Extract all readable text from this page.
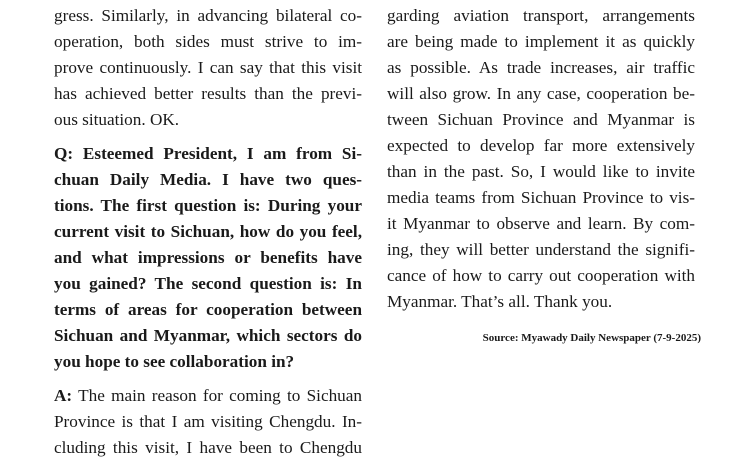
gress. Similarly, in advancing bilateral co-
operation, both sides must strive to im-
prove continuously. I can say that this visit
has achieved better results than the previ-
ous situation. OK.
Q: Esteemed President, I am from Si-
chuan Daily Media. I have two ques-
tions. The first question is: During your
current visit to Sichuan, how do you feel,
and what impressions or benefits have
you gained? The second question is: In
terms of areas for cooperation between
Sichuan and Myanmar, which sectors do
you hope to see collaboration in?
A: The main reason for coming to Sichuan
Province is that I am visiting Chengdu. In-
cluding this visit, I have been to Chengdu
garding aviation transport, arrangements
are being made to implement it as quickly
as possible. As trade increases, air traffic
will also grow. In any case, cooperation be-
tween Sichuan Province and Myanmar is
expected to develop far more extensively
than in the past. So, I would like to invite
media teams from Sichuan Province to vis-
it Myanmar to observe and learn. By com-
ing, they will better understand the signifi-
cance of how to carry out cooperation with
Myanmar. That’s all. Thank you.
Source: Myawady Daily Newspaper (7-9-2025)
